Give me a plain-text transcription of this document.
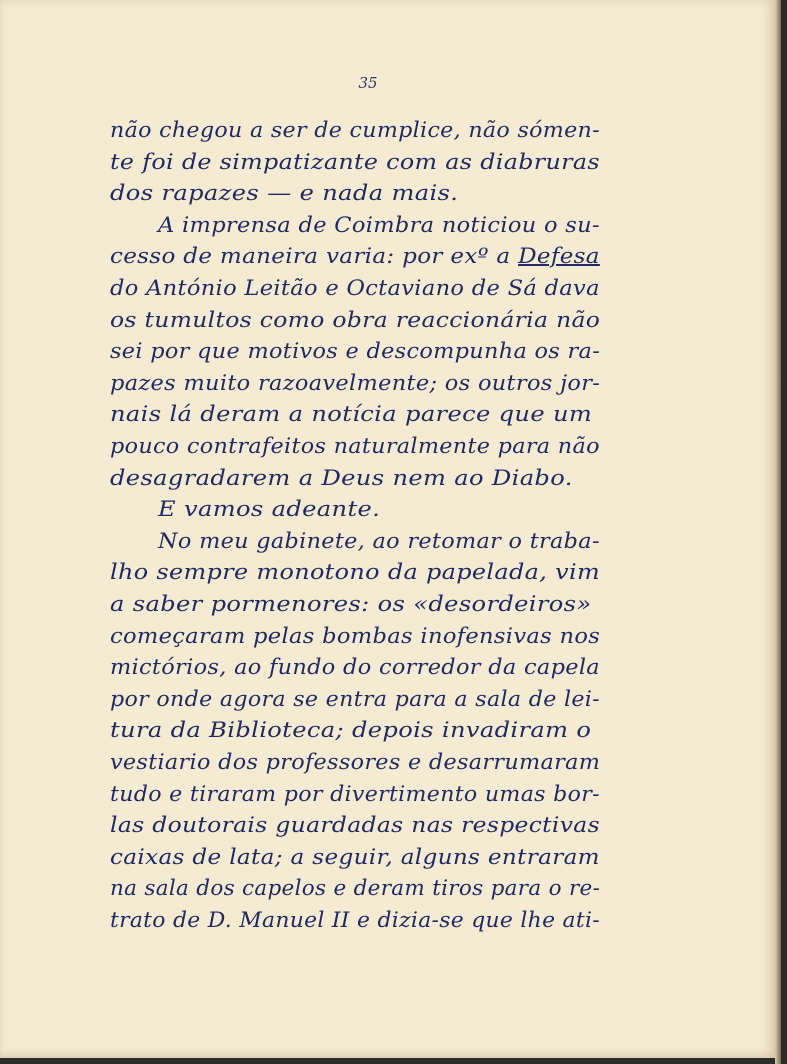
35
não chegou a ser de cumplice, não sómen-
te foi de simpatizante com as diabruras
dos rapazes — e nada mais.
A imprensa de Coimbra noticiou o su-
cesso de maneira varia: por exº a Defesa
do António Leitão e Octaviano de Sá dava
os tumultos como obra reaccionária não
sei por que motivos e descompunha os ra-
pazes muito razoavelmente; os outros jor-
nais lá deram a notícia parece que um
pouco contrafeitos naturalmente para não
desagradarem a Deus nem ao Diabo.
E vamos adeante.
No meu gabinete, ao retomar o traba-
lho sempre monotono da papelada, vim
a saber pormenores: os «desordeiros»
começaram pelas bombas inofensivas nos
mictórios, ao fundo do corredor da capela
por onde agora se entra para a sala de lei-
tura da Biblioteca; depois invadiram o
vestiario dos professores e desarrumaram
tudo e tiraram por divertimento umas bor-
las doutorais guardadas nas respectivas
caixas de lata; a seguir, alguns entraram
na sala dos capelos e deram tiros para o re-
trato de D. Manuel II e dizia-se que lhe ati-
